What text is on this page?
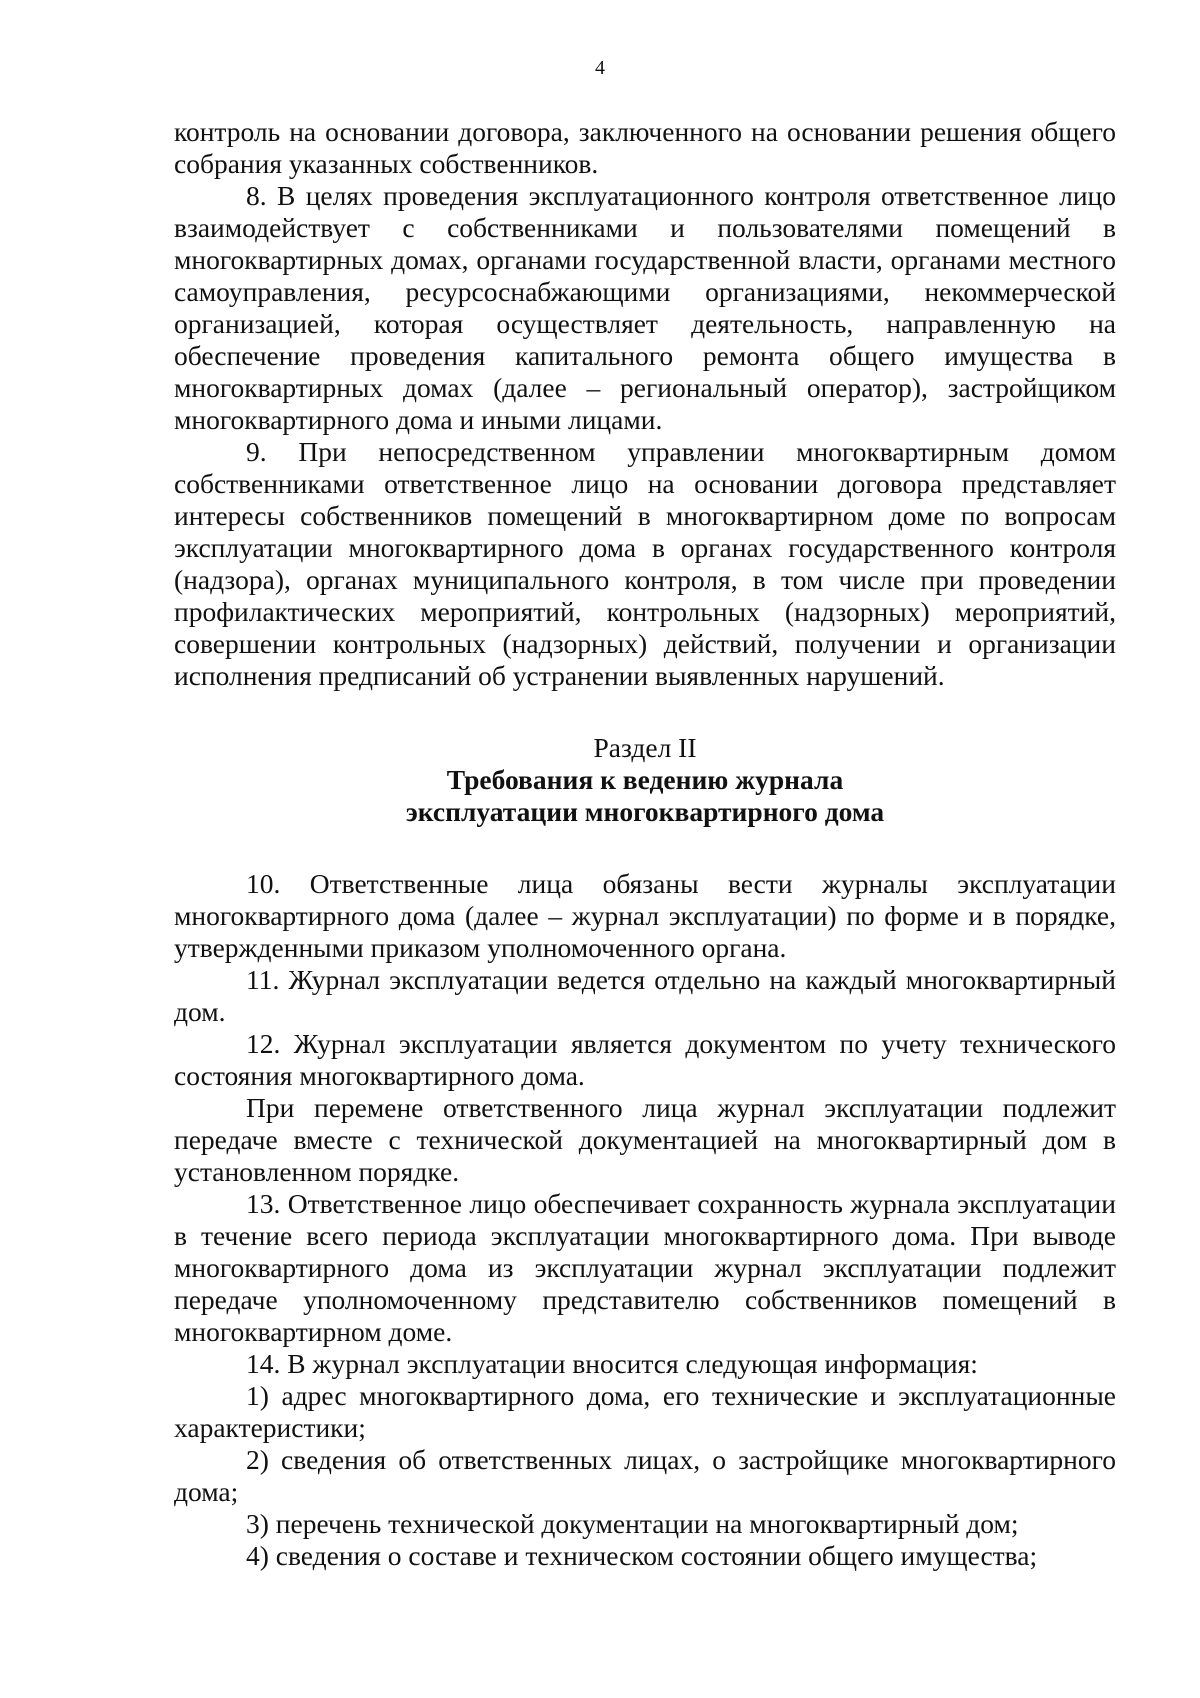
4

контроль на основании договора, заключенного на основании решения общего собрания указанных собственников.

8. В целях проведения эксплуатационного контроля ответственное лицо взаимодействует с собственниками и пользователями помещений в многоквартирных домах, органами государственной власти, органами местного самоуправления, ресурсоснабжающими организациями, некоммерческой организацией, которая осуществляет деятельность, направленную на обеспечение проведения капитального ремонта общего имущества в многоквартирных домах (далее – региональный оператор), застройщиком многоквартирного дома и иными лицами.

9. При непосредственном управлении многоквартирным домом собственниками ответственное лицо на основании договора представляет интересы собственников помещений в многоквартирном доме по вопросам эксплуатации многоквартирного дома в органах государственного контроля (надзора), органах муниципального контроля, в том числе при проведении профилактических мероприятий, контрольных (надзорных) мероприятий, совершении контрольных (надзорных) действий, получении и организации исполнения предписаний об устранении выявленных нарушений.

Раздел II
Требования к ведению журнала
эксплуатации многоквартирного дома

10. Ответственные лица обязаны вести журналы эксплуатации многоквартирного дома (далее – журнал эксплуатации) по форме и в порядке, утвержденными приказом уполномоченного органа.

11. Журнал эксплуатации ведется отдельно на каждый многоквартирный дом.

12. Журнал эксплуатации является документом по учету технического состояния многоквартирного дома.

При перемене ответственного лица журнал эксплуатации подлежит передаче вместе с технической документацией на многоквартирный дом в установленном порядке.

13. Ответственное лицо обеспечивает сохранность журнала эксплуатации в течение всего периода эксплуатации многоквартирного дома. При выводе многоквартирного дома из эксплуатации журнал эксплуатации подлежит передаче уполномоченному представителю собственников помещений в многоквартирном доме.

14. В журнал эксплуатации вносится следующая информация:

1) адрес многоквартирного дома, его технические и эксплуатационные характеристики;

2) сведения об ответственных лицах, о застройщике многоквартирного дома;

3) перечень технической документации на многоквартирный дом;

4) сведения о составе и техническом состоянии общего имущества;
